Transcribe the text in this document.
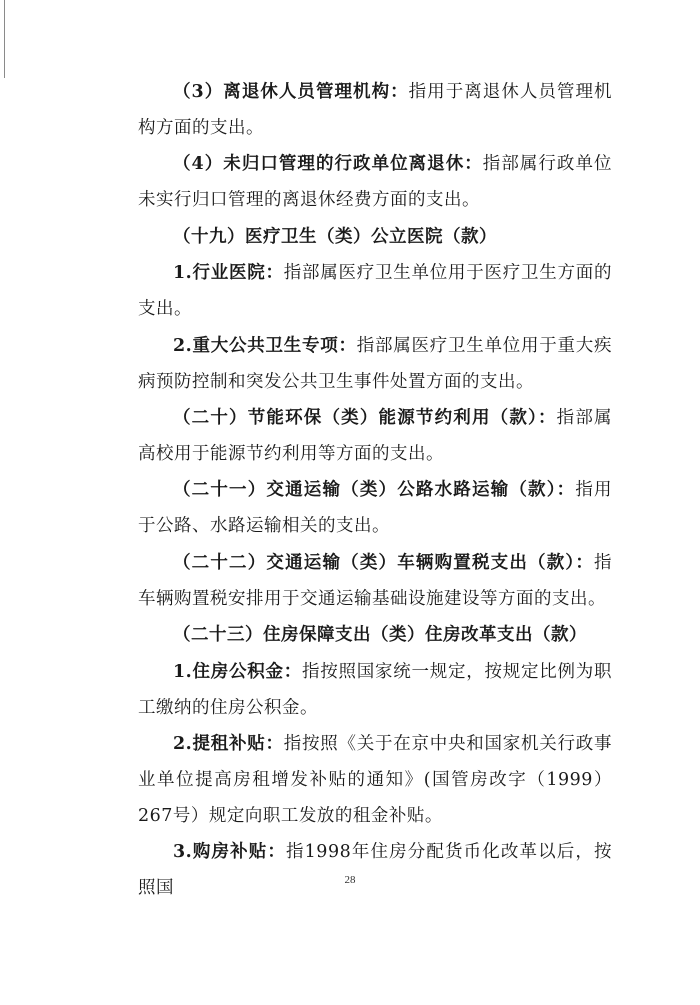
（3）离退休人员管理机构：指用于离退休人员管理机构方面的支出。

（4）未归口管理的行政单位离退休：指部属行政单位未实行归口管理的离退休经费方面的支出。

（十九）医疗卫生（类）公立医院（款）

1.行业医院：指部属医疗卫生单位用于医疗卫生方面的支出。

2.重大公共卫生专项：指部属医疗卫生单位用于重大疾病预防控制和突发公共卫生事件处置方面的支出。

（二十）节能环保（类）能源节约利用（款）：指部属高校用于能源节约利用等方面的支出。

（二十一）交通运输（类）公路水路运输（款）：指用于公路、水路运输相关的支出。

（二十二）交通运输（类）车辆购置税支出（款）：指车辆购置税安排用于交通运输基础设施建设等方面的支出。

（二十三）住房保障支出（类）住房改革支出（款）

1.住房公积金：指按照国家统一规定，按规定比例为职工缴纳的住房公积金。

2.提租补贴：指按照《关于在京中央和国家机关行政事业单位提高房租增发补贴的通知》(国管房改字（1999）267号）规定向职工发放的租金补贴。

3.购房补贴：指1998年住房分配货币化改革以后，按照国	28
